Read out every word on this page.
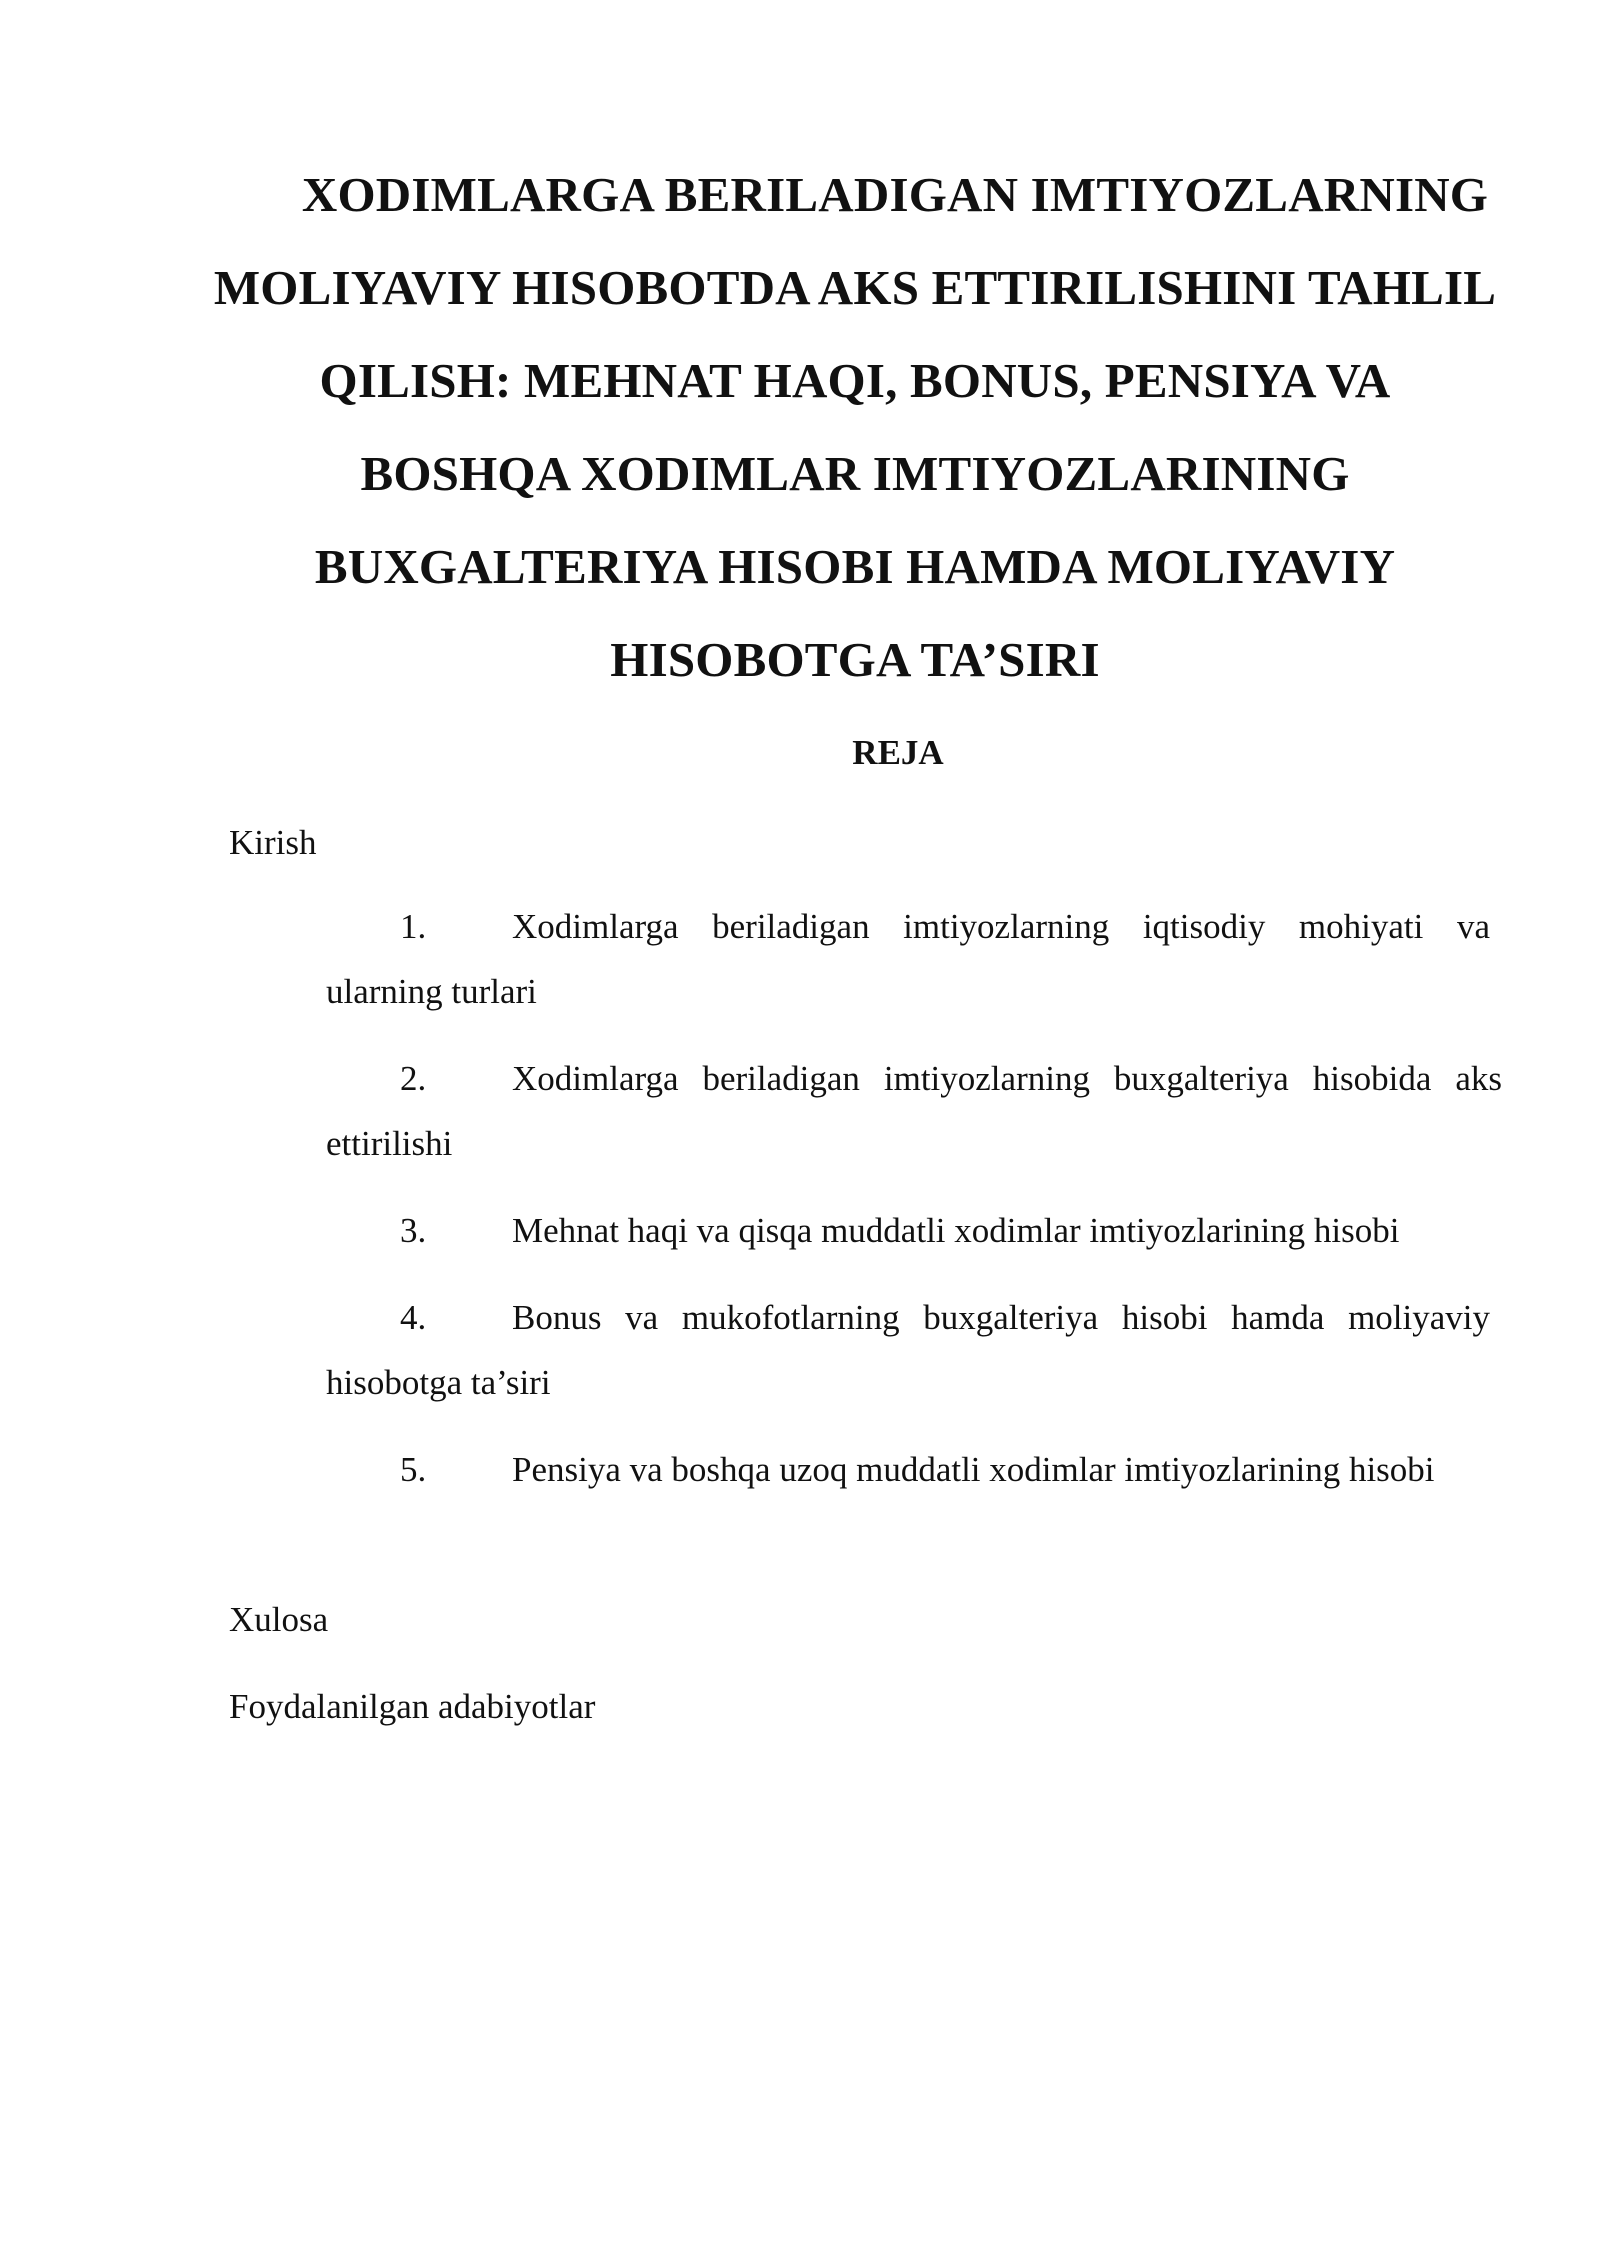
XODIMLARGA BERILADIGAN IMTIYOZLARNING MOLIYAVIY HISOBOTDA AKS ETTIRILISHINI TAHLIL QILISH: MEHNAT HAQI, BONUS, PENSIYA VA BOSHQA XODIMLAR IMTIYOZLARINING BUXGALTERIYA HISOBI HAMDA MOLIYAVIY HISOBOTGA TA’SIRI

REJA

Kirish

1. Xodimlarga beriladigan imtiyozlarning iqtisodiy mohiyati va ularning turlari

2. Xodimlarga beriladigan imtiyozlarning buxgalteriya hisobida aks ettirilishi

3. Mehnat haqi va qisqa muddatli xodimlar imtiyozlarining hisobi

4. Bonus va mukofotlarning buxgalteriya hisobi hamda moliyaviy hisobotga ta’siri

5. Pensiya va boshqa uzoq muddatli xodimlar imtiyozlarining hisobi

Xulosa

Foydalanilgan adabiyotlar
